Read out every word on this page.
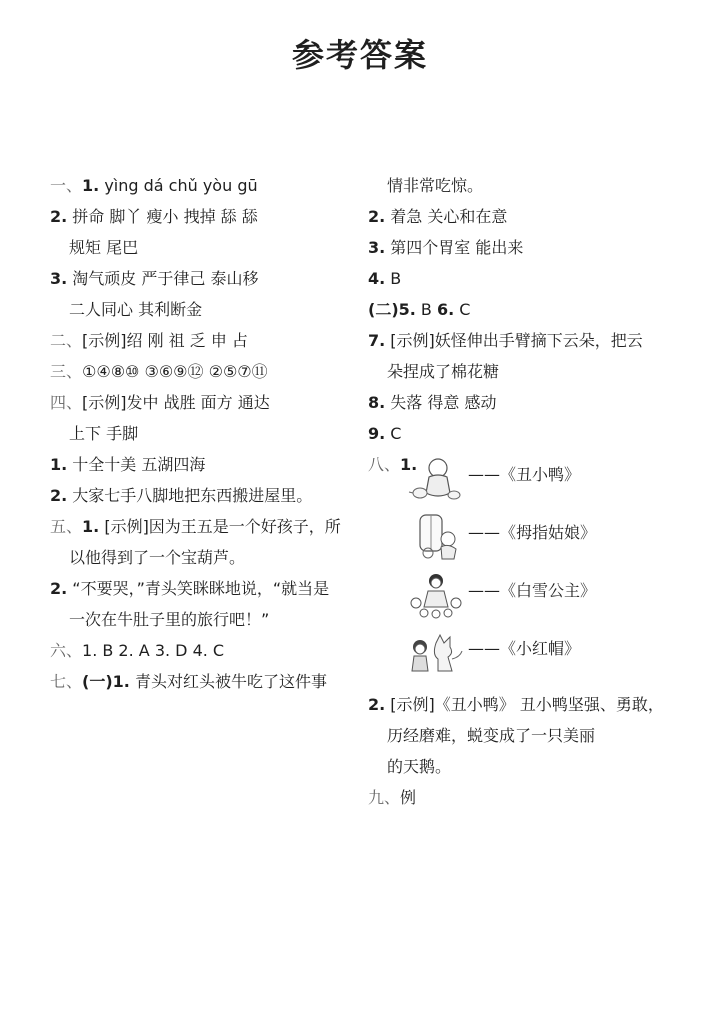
参考答案
一、1. yìng dá chǔ yòu gū
2. 拼命 脚丫 瘦小 拽掉 舔 舔
规矩 尾巴
3. 淘气顽皮 严于律己 泰山移
二人同心 其利断金
二、[示例]绍 刚 祖 乏 申 占
三、①④⑧⑩ ③⑥⑨⑫ ②⑤⑦⑪
四、[示例]发中 战胜 面方 通达
上下 手脚
1. 十全十美 五湖四海
2. 大家七手八脚地把东西搬进屋里。
五、1. [示例]因为王五是一个好孩子，所
以他得到了一个宝葫芦。
2. “不要哭，”青头笑眯眯地说，“就当是
一次在牛肚子里的旅行吧！”
六、1. B 2. A 3. D 4. C
七、(一)1. 青头对红头被牛吃了这件事
情非常吃惊。
2. 着急 关心和在意
3. 第四个胃室 能出来
4. B
(二)5. B 6. C
7. [示例]妖怪伸出手臂摘下云朵，把云
朵捏成了棉花糖
8. 失落 得意 感动
9. C
八、1.
——《丑小鸭》
——《拇指姑娘》
——《白雪公主》
——《小红帽》
2. [示例]《丑小鸭》 丑小鸭坚强、勇敢，
历经磨难，蜕变成了一只美丽
的天鹅。
九、例
